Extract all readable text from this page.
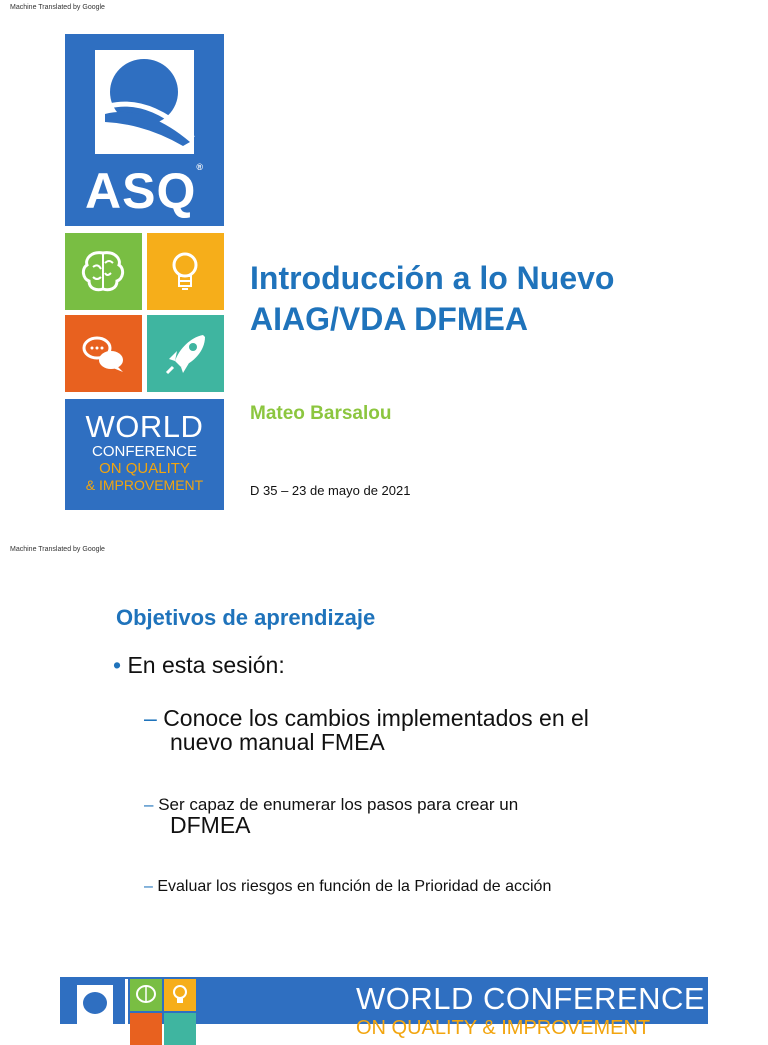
Machine Translated by Google
ASQ®
WORLD
CONFERENCE
ON QUALITY
& IMPROVEMENT
Introducción a lo Nuevo
AIAG/VDA DFMEA
Mateo Barsalou
D 35 – 23 de mayo de 2021
Machine Translated by Google
Objetivos de aprendizaje
• En esta sesión:
– Conoce los cambios implementados en el
nuevo manual FMEA
– Ser capaz de enumerar los pasos para crear un
DFMEA
– Evaluar los riesgos en función de la Prioridad de acción
WORLD CONFERENCE
ON QUALITY & IMPROVEMENT
